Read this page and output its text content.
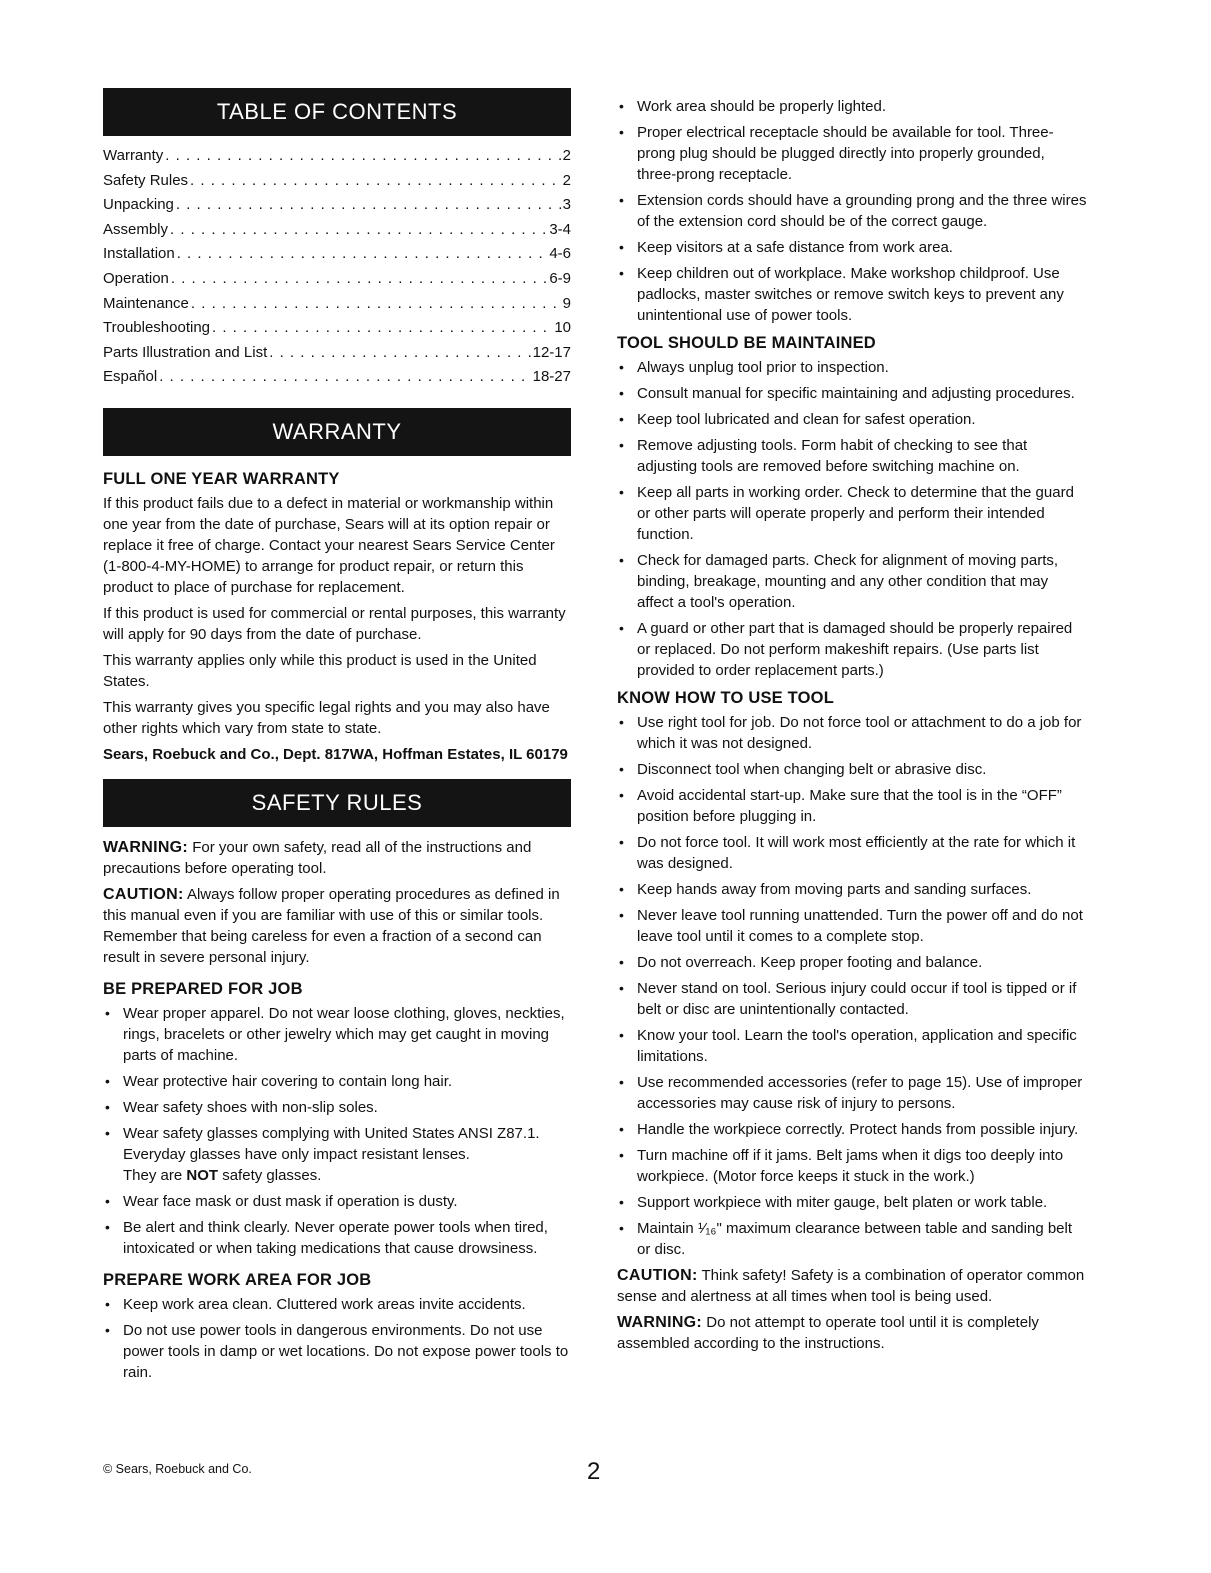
TABLE OF CONTENTS
Warranty . . .	2
Safety Rules . . .	2
Unpacking . . .	3
Assembly . . .	3-4
Installation . . .	4-6
Operation . . .	6-9
Maintenance . . .	9
Troubleshooting . . .	10
Parts Illustration and List . . .	12-17
Español . . .	18-27
WARRANTY
FULL ONE YEAR WARRANTY

If this product fails due to a defect in material or workmanship within one year from the date of purchase, Sears will at its option repair or replace it free of charge. Contact your nearest Sears Service Center (1-800-4-MY-HOME) to arrange for product repair, or return this product to place of purchase for replacement.

If this product is used for commercial or rental purposes, this warranty will apply for 90 days from the date of purchase.

This warranty applies only while this product is used in the United States.

This warranty gives you specific legal rights and you may also have other rights which vary from state to state.

Sears, Roebuck and Co., Dept. 817WA, Hoffman Estates, IL 60179

SAFETY RULES

WARNING: For your own safety, read all of the instructions and precautions before operating tool.

CAUTION: Always follow proper operating procedures as defined in this manual even if you are familiar with use of this or similar tools. Remember that being careless for even a fraction of a second can result in severe personal injury.

BE PREPARED FOR JOB
• Wear proper apparel. Do not wear loose clothing, gloves, neckties, rings, bracelets or other jewelry which may get caught in moving parts of machine.
• Wear protective hair covering to contain long hair.
• Wear safety shoes with non-slip soles.
• Wear safety glasses complying with United States ANSI Z87.1. Everyday glasses have only impact resistant lenses.
They are NOT safety glasses.
• Wear face mask or dust mask if operation is dusty.
• Be alert and think clearly. Never operate power tools when tired, intoxicated or when taking medications that cause drowsiness.
PREPARE WORK AREA FOR JOB
• Keep work area clean. Cluttered work areas invite accidents.
• Do not use power tools in dangerous environments. Do not use power tools in damp or wet locations. Do not expose power tools to rain.
• Work area should be properly lighted.
• Proper electrical receptacle should be available for tool. Three-prong plug should be plugged directly into properly grounded, three-prong receptacle.
• Extension cords should have a grounding prong and the three wires of the extension cord should be of the correct gauge.
• Keep visitors at a safe distance from work area.
• Keep children out of workplace. Make workshop childproof. Use padlocks, master switches or remove switch keys to prevent any unintentional use of power tools.
TOOL SHOULD BE MAINTAINED
• Always unplug tool prior to inspection.
• Consult manual for specific maintaining and adjusting procedures.
• Keep tool lubricated and clean for safest operation.
• Remove adjusting tools. Form habit of checking to see that adjusting tools are removed before switching machine on.
• Keep all parts in working order. Check to determine that the guard or other parts will operate properly and perform their intended function.
• Check for damaged parts. Check for alignment of moving parts, binding, breakage, mounting and any other condition that may affect a tool's operation.
• A guard or other part that is damaged should be properly repaired or replaced. Do not perform makeshift repairs. (Use parts list provided to order replacement parts.)
KNOW HOW TO USE TOOL
• Use right tool for job. Do not force tool or attachment to do a job for which it was not designed.
• Disconnect tool when changing belt or abrasive disc.
• Avoid accidental start-up. Make sure that the tool is in the “OFF” position before plugging in.
• Do not force tool. It will work most efficiently at the rate for which it was designed.
• Keep hands away from moving parts and sanding surfaces.
• Never leave tool running unattended. Turn the power off and do not leave tool until it comes to a complete stop.
• Do not overreach. Keep proper footing and balance.
• Never stand on tool. Serious injury could occur if tool is tipped or if belt or disc are unintentionally contacted.
• Know your tool. Learn the tool's operation, application and specific limitations.
• Use recommended accessories (refer to page 15). Use of improper accessories may cause risk of injury to persons.
• Handle the workpiece correctly. Protect hands from possible injury.
• Turn machine off if it jams. Belt jams when it digs too deeply into workpiece. (Motor force keeps it stuck in the work.)
• Support workpiece with miter gauge, belt platen or work table.
• Maintain ¹⁄₁₆" maximum clearance between table and sanding belt or disc.

CAUTION: Think safety! Safety is a combination of operator common sense and alertness at all times when tool is being used.

WARNING: Do not attempt to operate tool until it is completely assembled according to the instructions.

© Sears, Roebuck and Co.	2
